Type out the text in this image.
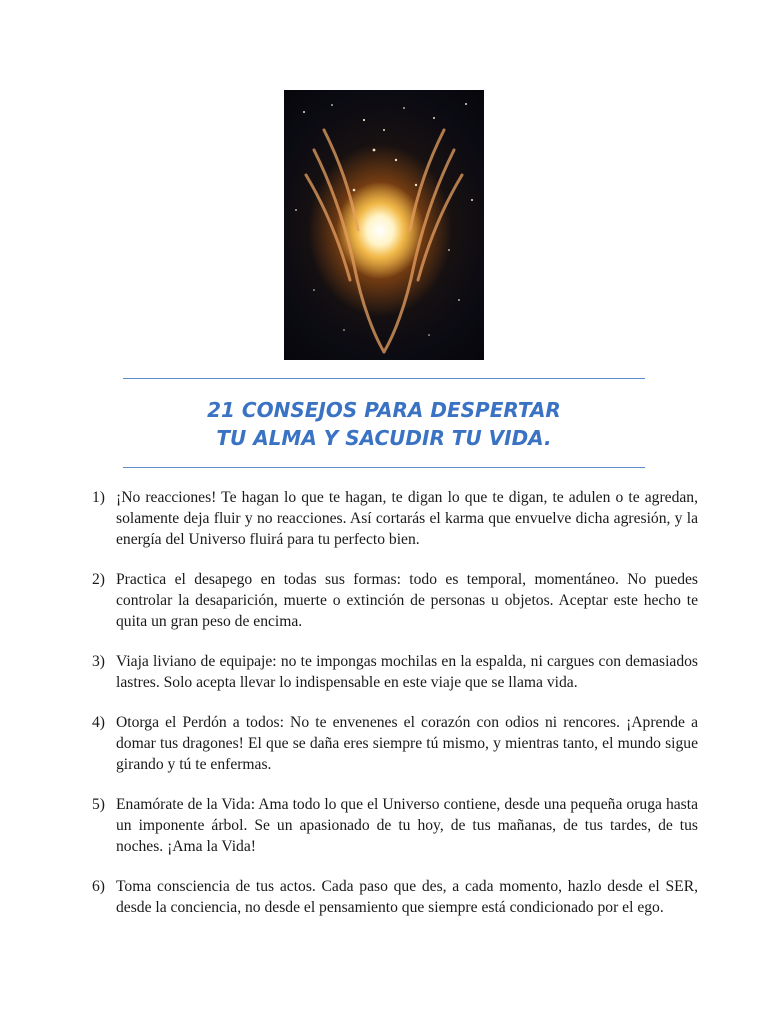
21 CONSEJOS PARA DESPERTAR
TU ALMA Y SACUDIR TU VIDA.
1) ¡No reacciones! Te hagan lo que te hagan, te digan lo que te digan, te adulen o te agredan, solamente deja fluir y no reacciones. Así cortarás el karma que envuelve dicha agresión, y la energía del Universo fluirá para tu perfecto bien.
2) Practica el desapego en todas sus formas: todo es temporal, momentáneo. No puedes controlar la desaparición, muerte o extinción de personas u objetos. Aceptar este hecho te quita un gran peso de encima.
3) Viaja liviano de equipaje: no te impongas mochilas en la espalda, ni cargues con demasiados lastres. Solo acepta llevar lo indispensable en este viaje que se llama vida.
4) Otorga el Perdón a todos: No te envenenes el corazón con odios ni rencores. ¡Aprende a domar tus dragones! El que se daña eres siempre tú mismo, y mientras tanto, el mundo sigue girando y tú te enfermas.
5) Enamórate de la Vida: Ama todo lo que el Universo contiene, desde una pequeña oruga hasta un imponente árbol. Se un apasionado de tu hoy, de tus mañanas, de tus tardes, de tus noches. ¡Ama la Vida!
6) Toma consciencia de tus actos. Cada paso que des, a cada momento, hazlo desde el SER, desde la conciencia, no desde el pensamiento que siempre está condicionado por el ego.
